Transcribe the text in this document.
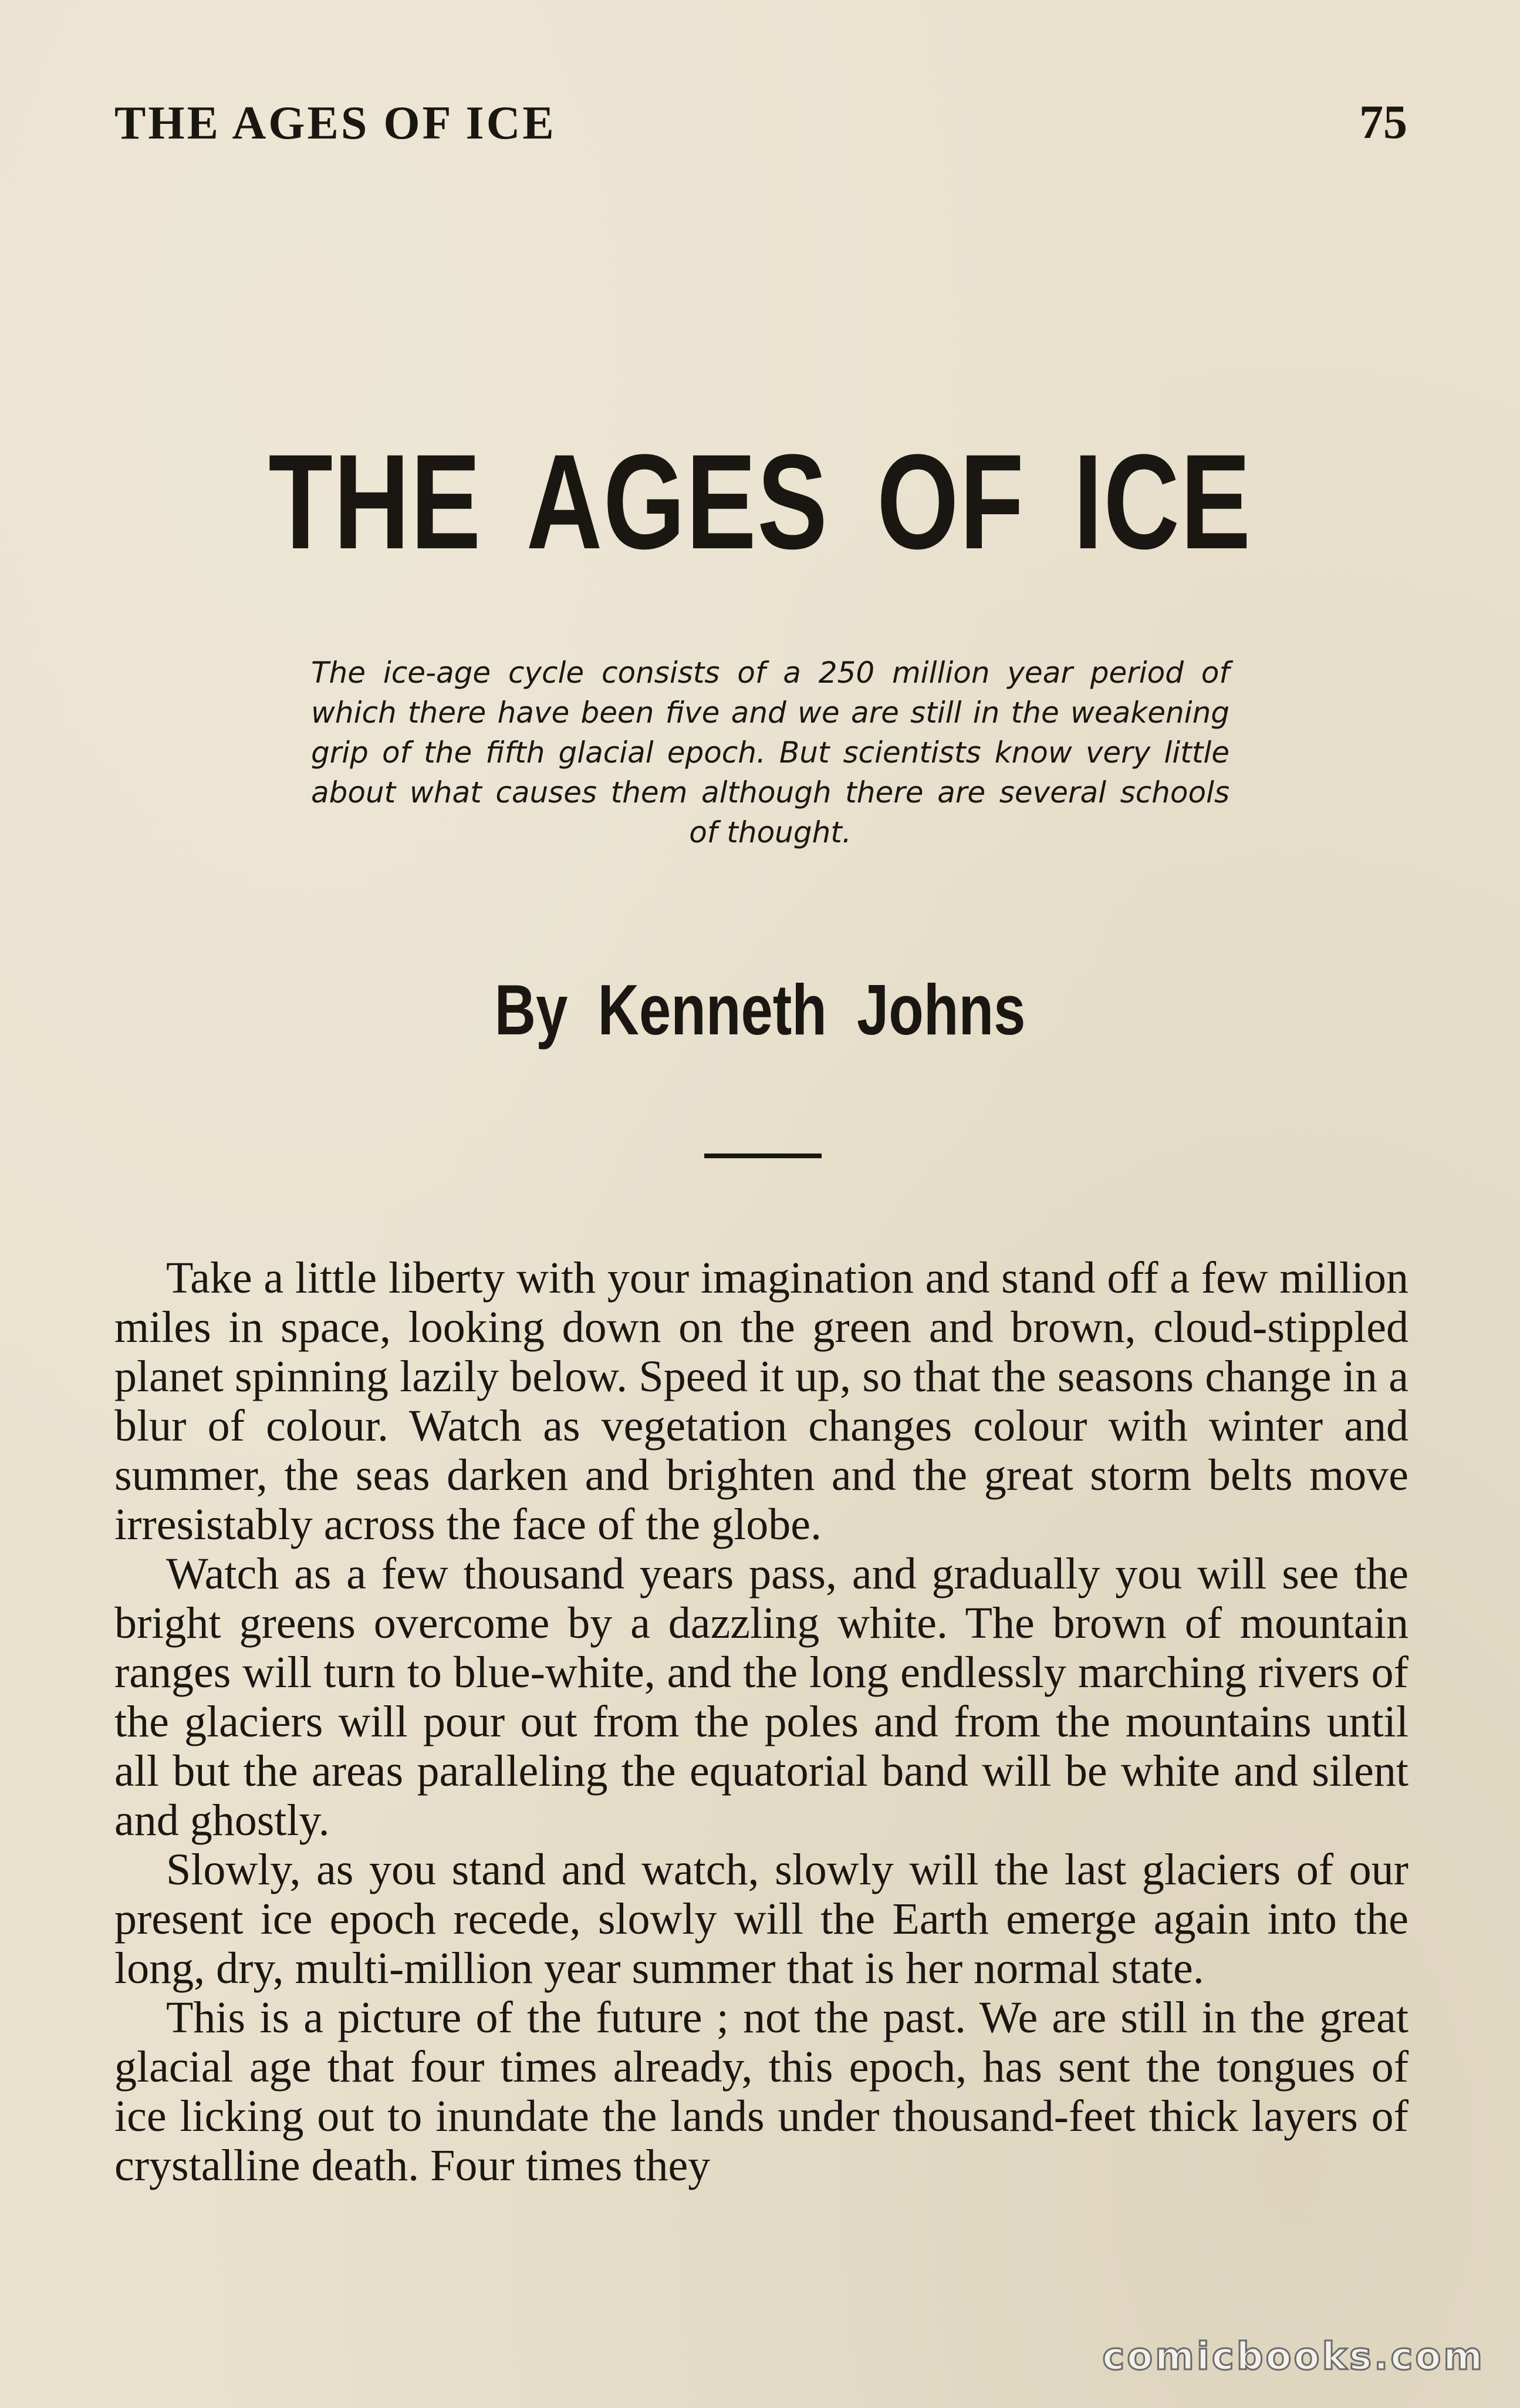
THE AGES OF ICE	75
THE AGES OF ICE
The ice-age cycle consists of a 250 million year period of which there have been five and we are still in the weakening grip of the fifth glacial epoch. But scientists know very little about what causes them although there are several schools of thought.
By Kenneth Johns

Take a little liberty with your imagination and stand off a few million miles in space, looking down on the green and brown, cloud-stippled planet spinning lazily below. Speed it up, so that the seasons change in a blur of colour. Watch as vegetation changes colour with winter and summer, the seas darken and brighten and the great storm belts move irresistably across the face of the globe.

Watch as a few thousand years pass, and gradually you will see the bright greens overcome by a dazzling white. The brown of mountain ranges will turn to blue-white, and the long endlessly marching rivers of the glaciers will pour out from the poles and from the mountains until all but the areas paralleling the equatorial band will be white and silent and ghostly.

Slowly, as you stand and watch, slowly will the last glaciers of our present ice epoch recede, slowly will the Earth emerge again into the long, dry, multi-million year summer that is her normal state.

This is a picture of the future ; not the past. We are still in the great glacial age that four times already, this epoch, has sent the tongues of ice licking out to inundate the lands under thousand-feet thick layers of crystalline death. Four times they

comicbooks.com
